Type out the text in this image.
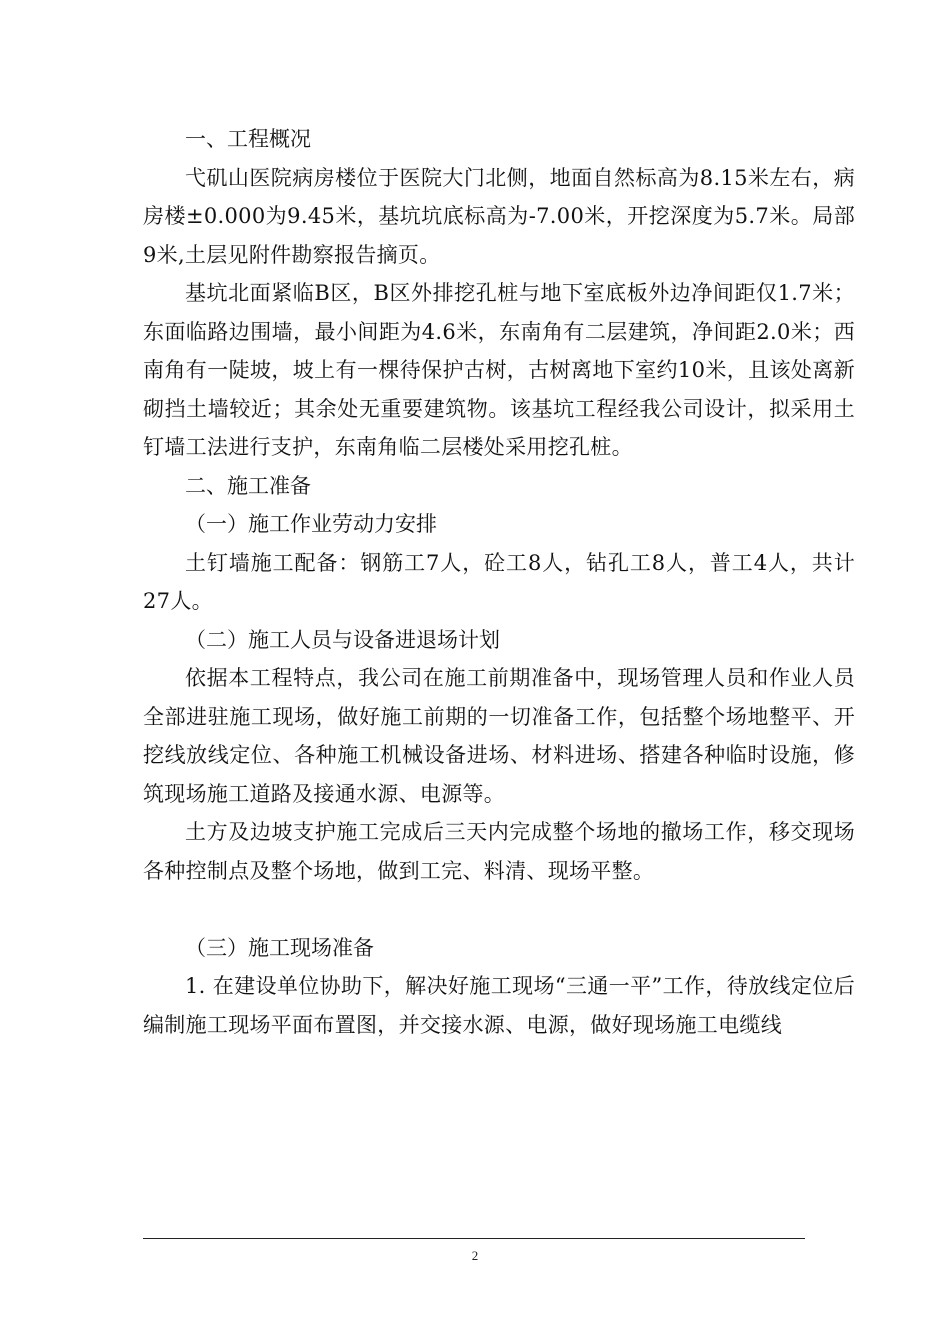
一、工程概况

弋矶山医院病房楼位于医院大门北侧，地面自然标高为8.15米左右，病房楼±0.000为9.45米，基坑坑底标高为-7.00米，开挖深度为5.7米。局部9米,土层见附件勘察报告摘页。

基坑北面紧临B区，B区外排挖孔桩与地下室底板外边净间距仅1.7米；东面临路边围墙，最小间距为4.6米，东南角有二层建筑，净间距2.0米；西南角有一陡坡，坡上有一棵待保护古树，古树离地下室约10米，且该处离新砌挡土墙较近；其余处无重要建筑物。该基坑工程经我公司设计，拟采用土钉墙工法进行支护，东南角临二层楼处采用挖孔桩。

二、施工准备

（一）施工作业劳动力安排

土钉墙施工配备：钢筋工7人，砼工8人，钻孔工8人，普工4人，共计27人。

（二）施工人员与设备进退场计划

依据本工程特点，我公司在施工前期准备中，现场管理人员和作业人员全部进驻施工现场，做好施工前期的一切准备工作，包括整个场地整平、开挖线放线定位、各种施工机械设备进场、材料进场、搭建各种临时设施，修筑现场施工道路及接通水源、电源等。

土方及边坡支护施工完成后三天内完成整个场地的撤场工作，移交现场各种控制点及整个场地，做到工完、料清、现场平整。

（三）施工现场准备

1. 在建设单位协助下，解决好施工现场“三通一平”工作，待放线定位后编制施工现场平面布置图，并交接水源、电源，做好现场施工电缆线

2
